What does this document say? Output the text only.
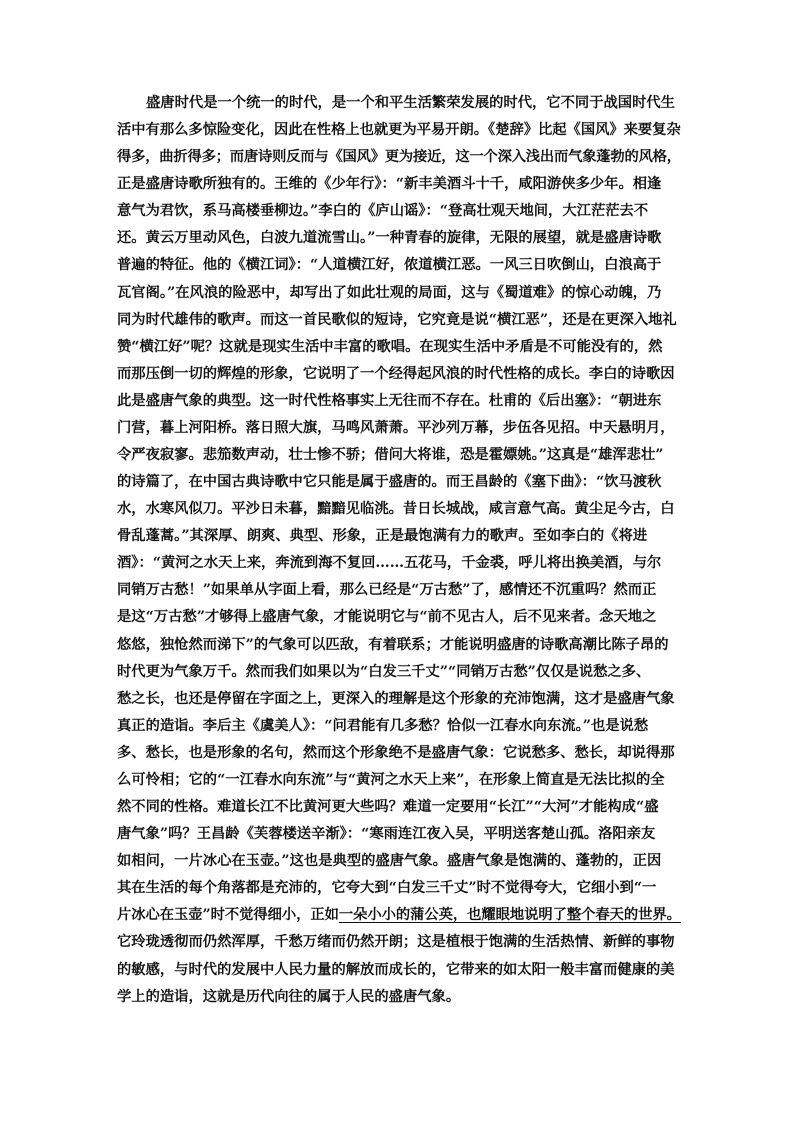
盛唐时代是一个统一的时代，是一个和平生活繁荣发展的时代，它不同于战国时代生
活中有那么多惊险变化，因此在性格上也就更为平易开朗。《楚辞》比起《国风》来要复杂
得多，曲折得多；而唐诗则反而与《国风》更为接近，这一个深入浅出而气象蓬勃的风格，
正是盛唐诗歌所独有的。王维的《少年行》：“新丰美酒斗十千，咸阳游侠多少年。相逢
意气为君饮，系马高楼垂柳边。”李白的《庐山谣》：“登高壮观天地间，大江茫茫去不
还。黄云万里动风色，白波九道流雪山。”一种青春的旋律，无限的展望，就是盛唐诗歌
普遍的特征。他的《横江词》：“人道横江好，侬道横江恶。一风三日吹倒山，白浪高于
瓦官阁。”在风浪的险恶中，却写出了如此壮观的局面，这与《蜀道难》的惊心动魄，乃
同为时代雄伟的歌声。而这一首民歌似的短诗，它究竟是说“横江恶”，还是在更深入地礼
赞“横江好”呢？这就是现实生活中丰富的歌唱。在现实生活中矛盾是不可能没有的，然
而那压倒一切的辉煌的形象，它说明了一个经得起风浪的时代性格的成长。李白的诗歌因
此是盛唐气象的典型。这一时代性格事实上无往而不存在。杜甫的《后出塞》：“朝进东
门营，暮上河阳桥。落日照大旗，马鸣风萧萧。平沙列万幕，步伍各见招。中天悬明月，
令严夜寂寥。悲笳数声动，壮士惨不骄；借问大将谁，恐是霍嫖姚。”这真是“雄浑悲壮”
的诗篇了，在中国古典诗歌中它只能是属于盛唐的。而王昌龄的《塞下曲》：“饮马渡秋
水，水寒风似刀。平沙日未暮，黯黯见临洮。昔日长城战，咸言意气高。黄尘足今古，白
骨乱蓬蒿。”其深厚、朗爽、典型、形象，正是最饱满有力的歌声。至如李白的《将进
酒》：“黄河之水天上来，奔流到海不复回……五花马，千金裘，呼儿将出换美酒，与尔
同销万古愁！”如果单从字面上看，那么已经是“万古愁”了，感情还不沉重吗？然而正
是这“万古愁”才够得上盛唐气象，才能说明它与“前不见古人，后不见来者。念天地之
悠悠，独怆然而涕下”的气象可以匹敌，有着联系；才能说明盛唐的诗歌高潮比陈子昂的
时代更为气象万千。然而我们如果以为“白发三千丈”“同销万古愁”仅仅是说愁之多、
愁之长，也还是停留在字面之上，更深入的理解是这个形象的充沛饱满，这才是盛唐气象
真正的造诣。李后主《虞美人》：“问君能有几多愁？恰似一江春水向东流。”也是说愁
多、愁长，也是形象的名句，然而这个形象绝不是盛唐气象：它说愁多、愁长，却说得那
么可怜相；它的“一江春水向东流”与“黄河之水天上来”，在形象上简直是无法比拟的全
然不同的性格。难道长江不比黄河更大些吗？难道一定要用“长江”“大河”才能构成“盛
唐气象”吗？王昌龄《芙蓉楼送辛渐》：“寒雨连江夜入吴，平明送客楚山孤。洛阳亲友
如相问，一片冰心在玉壶。”这也是典型的盛唐气象。盛唐气象是饱满的、蓬勃的，正因
其在生活的每个角落都是充沛的，它夸大到“白发三千丈”时不觉得夸大，它细小到“一
片冰心在玉壶”时不觉得细小，正如一朵小小的蒲公英，也耀眼地说明了整个春天的世界。
它玲珑透彻而仍然浑厚，千愁万绪而仍然开朗；这是植根于饱满的生活热情、新鲜的事物
的敏感，与时代的发展中人民力量的解放而成长的，它带来的如太阳一般丰富而健康的美
学上的造诣，这就是历代向往的属于人民的盛唐气象。
